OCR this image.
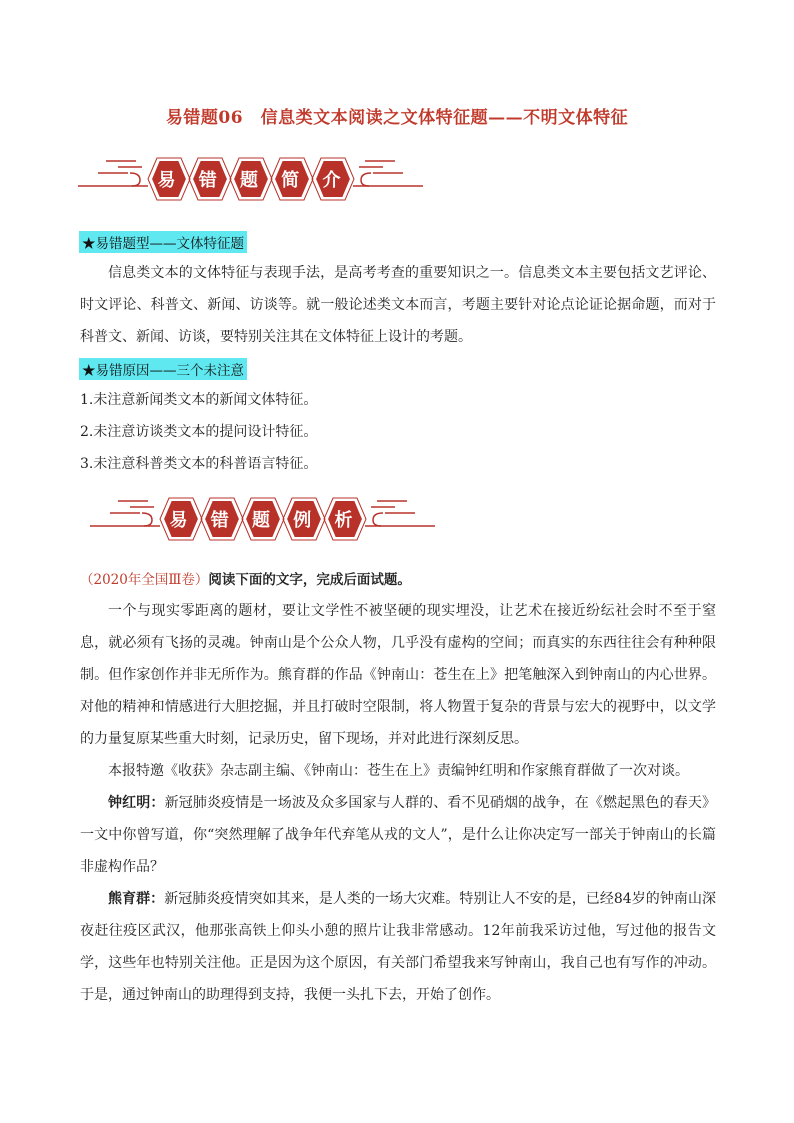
易错题06　信息类文本阅读之文体特征题——不明文体特征
易	错	题	简	介
★易错题型——文体特征题

信息类文本的文体特征与表现手法，是高考考查的重要知识之一。信息类文本主要包括文艺评论、时文评论、科普文、新闻、访谈等。就一般论述类文本而言，考题主要针对论点论证论据命题，而对于科普文、新闻、访谈，要特别关注其在文体特征上设计的考题。

★易错原因——三个未注意

1.未注意新闻类文本的新闻文体特征。

2.未注意访谈类文本的提问设计特征。

3.未注意科普类文本的科普语言特征。

易	错	题	例	析

（2020年全国Ⅲ卷）阅读下面的文字，完成后面试题。

一个与现实零距离的题材，要让文学性不被坚硬的现实埋没，让艺术在接近纷纭社会时不至于窒息，就必须有飞扬的灵魂。钟南山是个公众人物，几乎没有虚构的空间；而真实的东西往往会有种种限制。但作家创作并非无所作为。熊育群的作品《钟南山：苍生在上》把笔触深入到钟南山的内心世界。对他的精神和情感进行大胆挖掘，并且打破时空限制，将人物置于复杂的背景与宏大的视野中，以文学的力量复原某些重大时刻，记录历史，留下现场，并对此进行深刻反思。

本报特邀《收获》杂志副主编、《钟南山：苍生在上》责编钟红明和作家熊育群做了一次对谈。

钟红明：新冠肺炎疫情是一场波及众多国家与人群的、看不见硝烟的战争，在《燃起黑色的春天》一文中你曾写道，你“突然理解了战争年代弃笔从戎的文人”，是什么让你决定写一部关于钟南山的长篇非虚构作品？

熊育群：新冠肺炎疫情突如其来，是人类的一场大灾难。特别让人不安的是，已经84岁的钟南山深夜赶往疫区武汉，他那张高铁上仰头小憩的照片让我非常感动。12年前我采访过他，写过他的报告文学，这些年也特别关注他。正是因为这个原因，有关部门希望我来写钟南山，我自己也有写作的冲动。于是，通过钟南山的助理得到支持，我便一头扎下去，开始了创作。
